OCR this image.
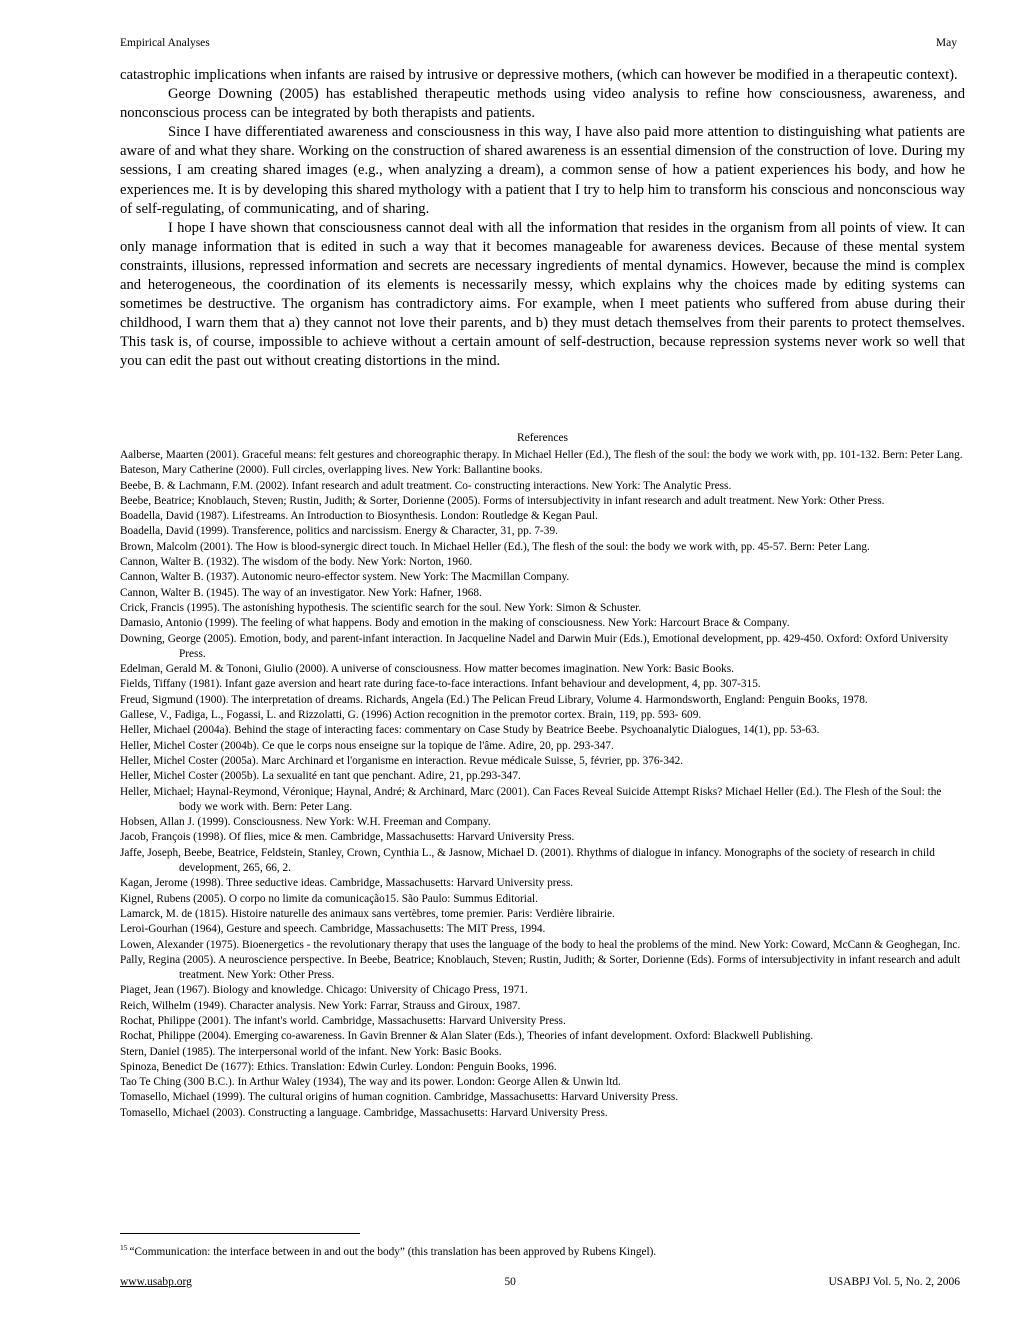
Empirical Analyses	May

catastrophic implications when infants are raised by intrusive or depressive mothers, (which can however be modified in a therapeutic context).

George Downing (2005) has established therapeutic methods using video analysis to refine how consciousness, awareness, and nonconscious process can be integrated by both therapists and patients.

Since I have differentiated awareness and consciousness in this way, I have also paid more attention to distinguishing what patients are aware of and what they share. Working on the construction of shared awareness is an essential dimension of the construction of love. During my sessions, I am creating shared images (e.g., when analyzing a dream), a common sense of how a patient experiences his body, and how he experiences me. It is by developing this shared mythology with a patient that I try to help him to transform his conscious and nonconscious way of self-regulating, of communicating, and of sharing.

I hope I have shown that consciousness cannot deal with all the information that resides in the organism from all points of view. It can only manage information that is edited in such a way that it becomes manageable for awareness devices. Because of these mental system constraints, illusions, repressed information and secrets are necessary ingredients of mental dynamics. However, because the mind is complex and heterogeneous, the coordination of its elements is necessarily messy, which explains why the choices made by editing systems can sometimes be destructive. The organism has contradictory aims. For example, when I meet patients who suffered from abuse during their childhood, I warn them that a) they cannot not love their parents, and b) they must detach themselves from their parents to protect themselves. This task is, of course, impossible to achieve without a certain amount of self-destruction, because repression systems never work so well that you can edit the past out without creating distortions in the mind.

References
Aalberse, Maarten (2001). Graceful means: felt gestures and choreographic therapy. In Michael Heller (Ed.), The flesh of the soul: the body we work with, pp. 101-132. Bern: Peter Lang.
Bateson, Mary Catherine (2000). Full circles, overlapping lives. New York: Ballantine books.
Beebe, B. & Lachmann, F.M. (2002). Infant research and adult treatment. Co- constructing interactions. New York: The Analytic Press.
Beebe, Beatrice; Knoblauch, Steven; Rustin, Judith; & Sorter, Dorienne (2005). Forms of intersubjectivity in infant research and adult treatment. New York: Other Press.
Boadella, David (1987). Lifestreams. An Introduction to Biosynthesis. London: Routledge & Kegan Paul.
Boadella, David (1999). Transference, politics and narcissism. Energy & Character, 31, pp. 7-39.
Brown, Malcolm (2001). The How is blood-synergic direct touch. In Michael Heller (Ed.), The flesh of the soul: the body we work with, pp. 45-57. Bern: Peter Lang.
Cannon, Walter B. (1932). The wisdom of the body. New York: Norton, 1960.
Cannon, Walter B. (1937). Autonomic neuro-effector system. New York: The Macmillan Company.
Cannon, Walter B. (1945). The way of an investigator. New York: Hafner, 1968.
Crick, Francis (1995). The astonishing hypothesis. The scientific search for the soul. New York: Simon & Schuster.
Damasio, Antonio (1999). The feeling of what happens. Body and emotion in the making of consciousness. New York: Harcourt Brace & Company.
Downing, George (2005). Emotion, body, and parent-infant interaction. In Jacqueline Nadel and Darwin Muir (Eds.), Emotional development, pp. 429-450. Oxford: Oxford University Press.
Edelman, Gerald M. & Tononi, Giulio (2000). A universe of consciousness. How matter becomes imagination. New York: Basic Books.
Fields, Tiffany (1981). Infant gaze aversion and heart rate during face-to-face interactions. Infant behaviour and development, 4, pp. 307-315.
Freud, Sigmund (1900). The interpretation of dreams. Richards, Angela (Ed.) The Pelican Freud Library, Volume 4. Harmondsworth, England: Penguin Books, 1978.
Gallese, V., Fadiga, L., Fogassi, L. and Rizzolatti, G. (1996) Action recognition in the premotor cortex. Brain, 119, pp. 593- 609.
Heller, Michael (2004a). Behind the stage of interacting faces: commentary on Case Study by Beatrice Beebe. Psychoanalytic Dialogues, 14(1), pp. 53-63.
Heller, Michel Coster (2004b). Ce que le corps nous enseigne sur la topique de l'âme. Adire, 20, pp. 293-347.
Heller, Michel Coster (2005a). Marc Archinard et l'organisme en interaction. Revue médicale Suisse, 5, février, pp. 376-342.
Heller, Michel Coster (2005b). La sexualité en tant que penchant. Adire, 21, pp.293-347.
Heller, Michael; Haynal-Reymond, Véronique; Haynal, André; & Archinard, Marc (2001). Can Faces Reveal Suicide Attempt Risks? Michael Heller (Ed.). The Flesh of the Soul: the body we work with. Bern: Peter Lang.
Hobsen, Allan J. (1999). Consciousness. New York: W.H. Freeman and Company.
Jacob, François (1998). Of flies, mice & men. Cambridge, Massachusetts: Harvard University Press.
Jaffe, Joseph, Beebe, Beatrice, Feldstein, Stanley, Crown, Cynthia L., & Jasnow, Michael D. (2001). Rhythms of dialogue in infancy. Monographs of the society of research in child development, 265, 66, 2.
Kagan, Jerome (1998). Three seductive ideas. Cambridge, Massachusetts: Harvard University press.
Kignel, Rubens (2005). O corpo no limite da comunicação15. São Paulo: Summus Editorial.
Lamarck, M. de (1815). Histoire naturelle des animaux sans vertèbres, tome premier. Paris: Verdière librairie.
Leroi-Gourhan (1964), Gesture and speech. Cambridge, Massachusetts: The MIT Press, 1994.
Lowen, Alexander (1975). Bioenergetics - the revolutionary therapy that uses the language of the body to heal the problems of the mind. New York: Coward, McCann & Geoghegan, Inc.
Pally, Regina (2005). A neuroscience perspective. In Beebe, Beatrice; Knoblauch, Steven; Rustin, Judith; & Sorter, Dorienne (Eds). Forms of intersubjectivity in infant research and adult treatment. New York: Other Press.
Piaget, Jean (1967). Biology and knowledge. Chicago: University of Chicago Press, 1971.
Reich, Wilhelm (1949). Character analysis. New York: Farrar, Strauss and Giroux, 1987.
Rochat, Philippe (2001). The infant's world. Cambridge, Massachusetts: Harvard University Press.
Rochat, Philippe (2004). Emerging co-awareness. In Gavin Brenner & Alan Slater (Eds.), Theories of infant development. Oxford: Blackwell Publishing.
Stern, Daniel (1985). The interpersonal world of the infant. New York: Basic Books.
Spinoza, Benedict De (1677): Ethics. Translation: Edwin Curley. London: Penguin Books, 1996.
Tao Te Ching (300 B.C.). In Arthur Waley (1934), The way and its power. London: George Allen & Unwin ltd.
Tomasello, Michael (1999). The cultural origins of human cognition. Cambridge, Massachusetts: Harvard University Press.
Tomasello, Michael (2003). Constructing a language. Cambridge, Massachusetts: Harvard University Press.
$^{15}$ “Communication: the interface between in and out the body” (this translation has been approved by Rubens Kingel).
www.usabp.org	50	USABPJ Vol. 5, No. 2, 2006
